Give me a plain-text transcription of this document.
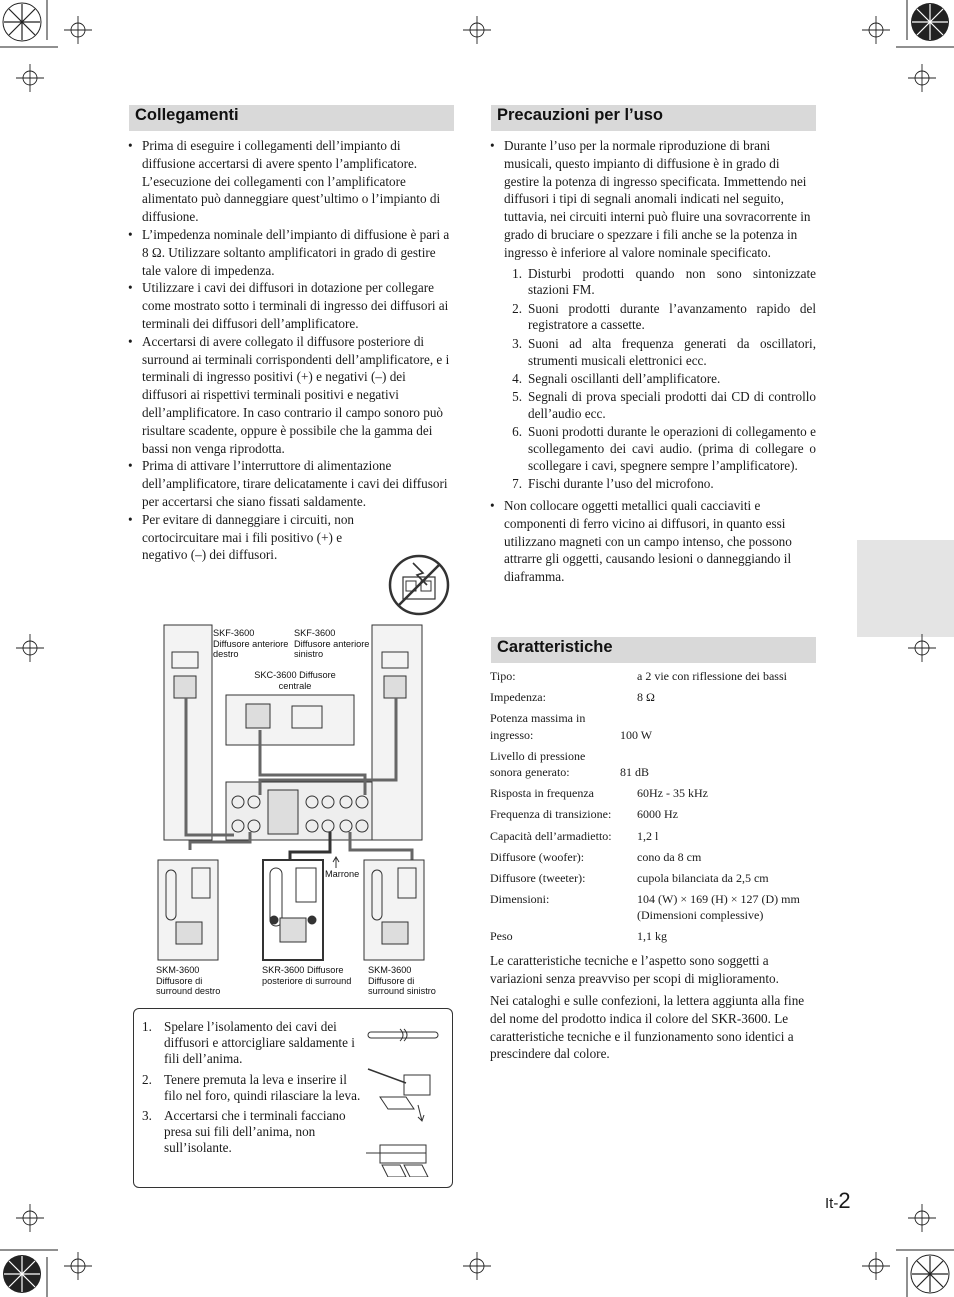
Collegamenti
• Prima di eseguire i collegamenti dell’impianto di diffusione accertarsi di avere spento l’amplificatore. L’esecuzione dei collegamenti con l’amplificatore alimentato può danneggiare quest’ultimo o l’impianto di diffusione.
• L’impedenza nominale dell’impianto di diffusione è pari a 8 Ω. Utilizzare soltanto amplificatori in grado di gestire tale valore di impedenza.
• Utilizzare i cavi dei diffusori in dotazione per collegare come mostrato sotto i terminali di ingresso dei diffusori ai terminali dei diffusori dell’amplificatore.
• Accertarsi di avere collegato il diffusore posteriore di surround ai terminali corrispondenti dell’amplificatore, e i terminali di ingresso positivi (+) e negativi (–) dei diffusori ai rispettivi terminali positivi e negativi dell’amplificatore. In caso contrario il campo sonoro può risultare scadente, oppure è possibile che la gamma dei bassi non venga riprodotta.
• Prima di attivare l’interruttore di alimentazione dell’amplificatore, tirare delicatamente i cavi dei diffusori per accertarsi che siano fissati saldamente.
• Per evitare di danneggiare i circuiti, non cortocircuitare mai i fili positivo (+) e negativo (–) dei diffusori.
SKF-3600 Diffusore anteriore destro
SKF-3600 Diffusore anteriore sinistro
SKC-3600 Diffusore centrale
Marrone
SKM-3600 Diffusore di surround destro
SKR-3600 Diffusore posteriore di surround
SKM-3600 Diffusore di surround sinistro
1. Spelare l’isolamento dei cavi dei diffusori e attorcigliare saldamente i fili dell’anima.
2. Tenere premuta la leva e inserire il filo nel foro, quindi rilasciare la leva.
3. Accertarsi che i terminali facciano presa sui fili dell’anima, non sull’isolante.
Precauzioni per l’uso
• Durante l’uso per la normale riproduzione di brani musicali, questo impianto di diffusione è in grado di gestire la potenza di ingresso specificata. Immettendo nei diffusori i tipi di segnali anomali indicati nel seguito, tuttavia, nei circuiti interni può fluire una sovracorrente in grado di bruciare o spezzare i fili anche se la potenza in ingresso è inferiore al valore nominale specificato.
1. Disturbi prodotti quando non sono sintonizzate stazioni FM.
2. Suoni prodotti durante l’avanzamento rapido del registratore a cassette.
3. Suoni ad alta frequenza generati da oscillatori, strumenti musicali elettronici ecc.
4. Segnali oscillanti dell’amplificatore.
5. Segnali di prova speciali prodotti dai CD di controllo dell’audio ecc.
6. Suoni prodotti durante le operazioni di collegamento e scollegamento dei cavi audio. (prima di collegare o scollegare i cavi, spegnere sempre l’amplificatore).
7. Fischi durante l’uso del microfono.
• Non collocare oggetti metallici quali cacciaviti e componenti di ferro vicino ai diffusori, in quanto essi utilizzano magneti con un campo intenso, che possono attrarre gli oggetti, causando lesioni o danneggiando il diaframma.
Caratteristiche
Tipo:	a 2 vie con riflessione dei bassi
Impedenza:	8 Ω
Potenza massima in ingresso:	100 W
Livello di pressione sonora generato:	81 dB
Risposta in frequenza	60Hz - 35 kHz
Frequenza di transizione:	6000 Hz
Capacità dell’armadietto:	1,2 l
Diffusore (woofer):	cono da 8 cm
Diffusore (tweeter):	cupola bilanciata da 2,5 cm
Dimensioni:	104 (W) × 169 (H) × 127 (D) mm (Dimensioni complessive)
Peso	1,1 kg
Le caratteristiche tecniche e l’aspetto sono soggetti a variazioni senza preavviso per scopi di miglioramento.
Nei cataloghi e sulle confezioni, la lettera aggiunta alla fine del nome del prodotto indica il colore del SKR-3600. Le caratteristiche tecniche e il funzionamento sono identici a prescindere dal colore.
It-2
